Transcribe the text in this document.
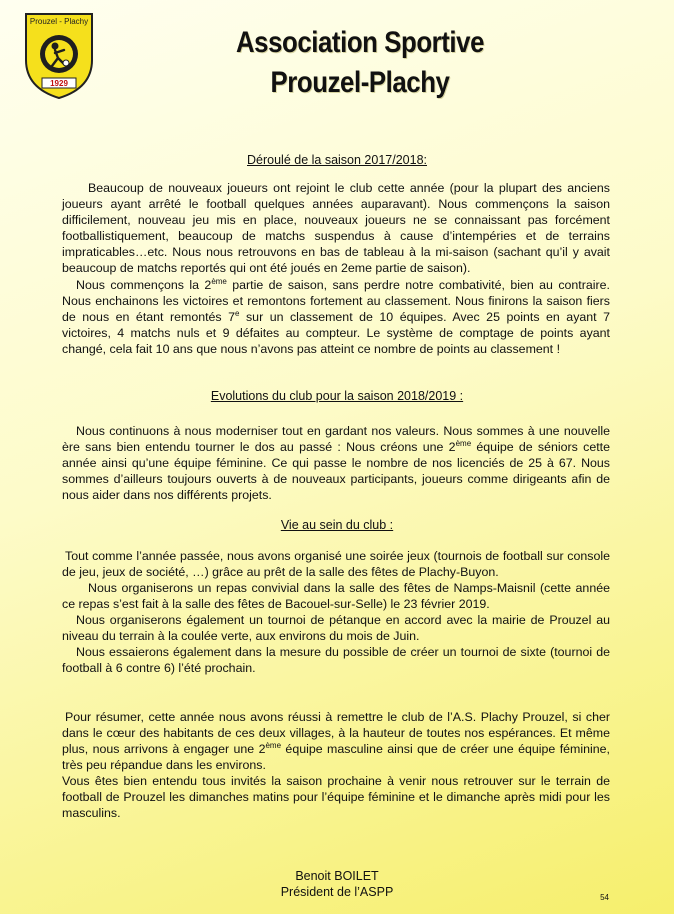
Prouzel - Plachy
1929
Association Sportive
Prouzel-Plachy
Déroulé de la saison 2017/2018:

Beaucoup de nouveaux joueurs ont rejoint le club cette année (pour la plupart des anciens joueurs ayant arrêté le football quelques années auparavant). Nous commençons la saison difficilement, nouveau jeu mis en place, nouveaux joueurs ne se connaissant pas forcément footballistiquement, beaucoup de matchs suspendus à cause d’intempéries et de terrains impraticables…etc. Nous nous retrouvons en bas de tableau à la mi-saison (sachant qu’il y avait beaucoup de matchs reportés qui ont été joués en 2eme partie de saison).

Nous commençons la 2ème partie de saison, sans perdre notre combativité, bien au contraire. Nous enchainons les victoires et remontons fortement au classement. Nous finirons la saison fiers de nous en étant remontés 7e sur un classement de 10 équipes. Avec 25 points en ayant 7 victoires, 4 matchs nuls et 9 défaites au compteur. Le système de comptage de points ayant changé, cela fait 10 ans que nous n’avons pas atteint ce nombre de points au classement !

Evolutions du club pour la saison 2018/2019 :

Nous continuons à nous moderniser tout en gardant nos valeurs. Nous sommes à une nouvelle ère sans bien entendu tourner le dos au passé : Nous créons une 2ème équipe de séniors cette année ainsi qu’une équipe féminine. Ce qui passe le nombre de nos licenciés de 25 à 67. Nous sommes d’ailleurs toujours ouverts à de nouveaux participants, joueurs comme dirigeants afin de nous aider dans nos différents projets.

Vie au sein du club :

Tout comme l’année passée, nous avons organisé une soirée jeux (tournois de football sur console de jeu, jeux de société, …) grâce au prêt de la salle des fêtes de Plachy-Buyon.

Nous organiserons un repas convivial dans la salle des fêtes de Namps-Maisnil (cette année ce repas s’est fait à la salle des fêtes de Bacouel-sur-Selle) le 23 février 2019.

Nous organiserons également un tournoi de pétanque en accord avec la mairie de Prouzel au niveau du terrain à la coulée verte, aux environs du mois de Juin.

Nous essaierons également dans la mesure du possible de créer un tournoi de sixte (tournoi de football à 6 contre 6) l’été prochain.

Pour résumer, cette année nous avons réussi à remettre le club de l’A.S. Plachy Prouzel, si cher dans le cœur des habitants de ces deux villages, à la hauteur de toutes nos espérances. Et même plus, nous arrivons à engager une 2ème équipe masculine ainsi que de créer une équipe féminine, très peu répandue dans les environs.

Vous êtes bien entendu tous invités la saison prochaine à venir nous retrouver sur le terrain de football de Prouzel les dimanches matins pour l’équipe féminine et le dimanche après midi pour les masculins.

Benoit BOILET
Président de l’ASPP	54
